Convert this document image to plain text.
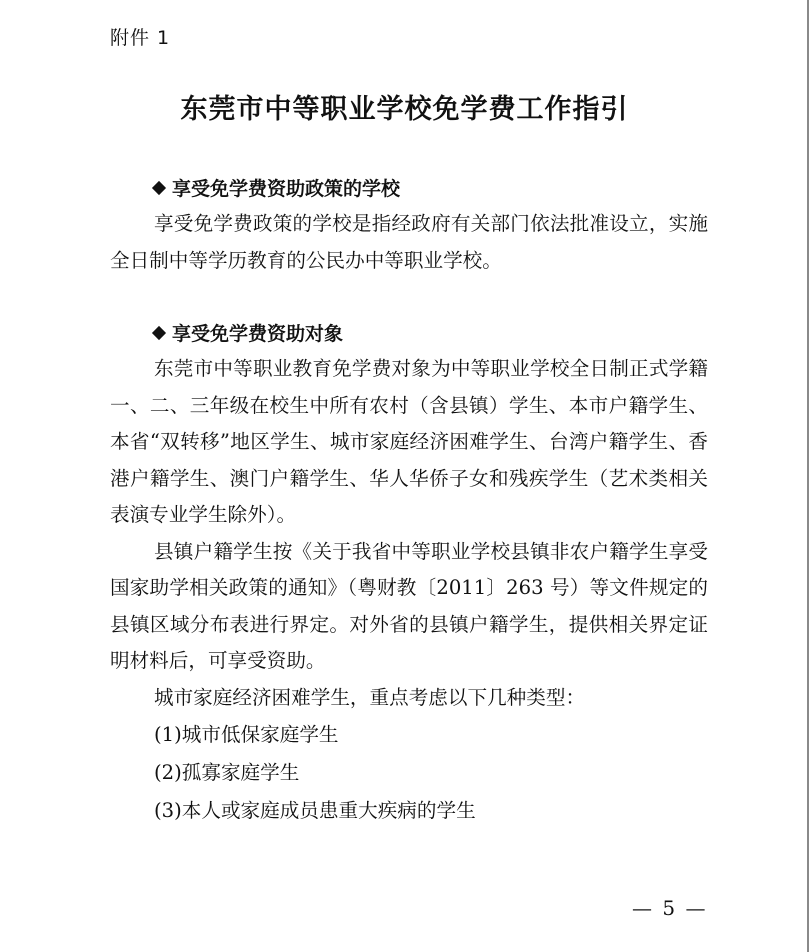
附件 1
东莞市中等职业学校免学费工作指引
享受免学费资助政策的学校

享受免学费政策的学校是指经政府有关部门依法批准设立，实施全日制中等学历教育的公民办中等职业学校。

享受免学费资助对象

东莞市中等职业教育免学费对象为中等职业学校全日制正式学籍一、二、三年级在校生中所有农村（含县镇）学生、本市户籍学生、本省“双转移”地区学生、城市家庭经济困难学生、台湾户籍学生、香港户籍学生、澳门户籍学生、华人华侨子女和残疾学生（艺术类相关表演专业学生除外）。

县镇户籍学生按《关于我省中等职业学校县镇非农户籍学生享受国家助学相关政策的通知》（粤财教〔2011〕263 号）等文件规定的县镇区域分布表进行界定。对外省的县镇户籍学生，提供相关界定证明材料后，可享受资助。

城市家庭经济困难学生，重点考虑以下几种类型：

(1)城市低保家庭学生
(2)孤寡家庭学生
(3)本人或家庭成员患重大疾病的学生
— 5 —
